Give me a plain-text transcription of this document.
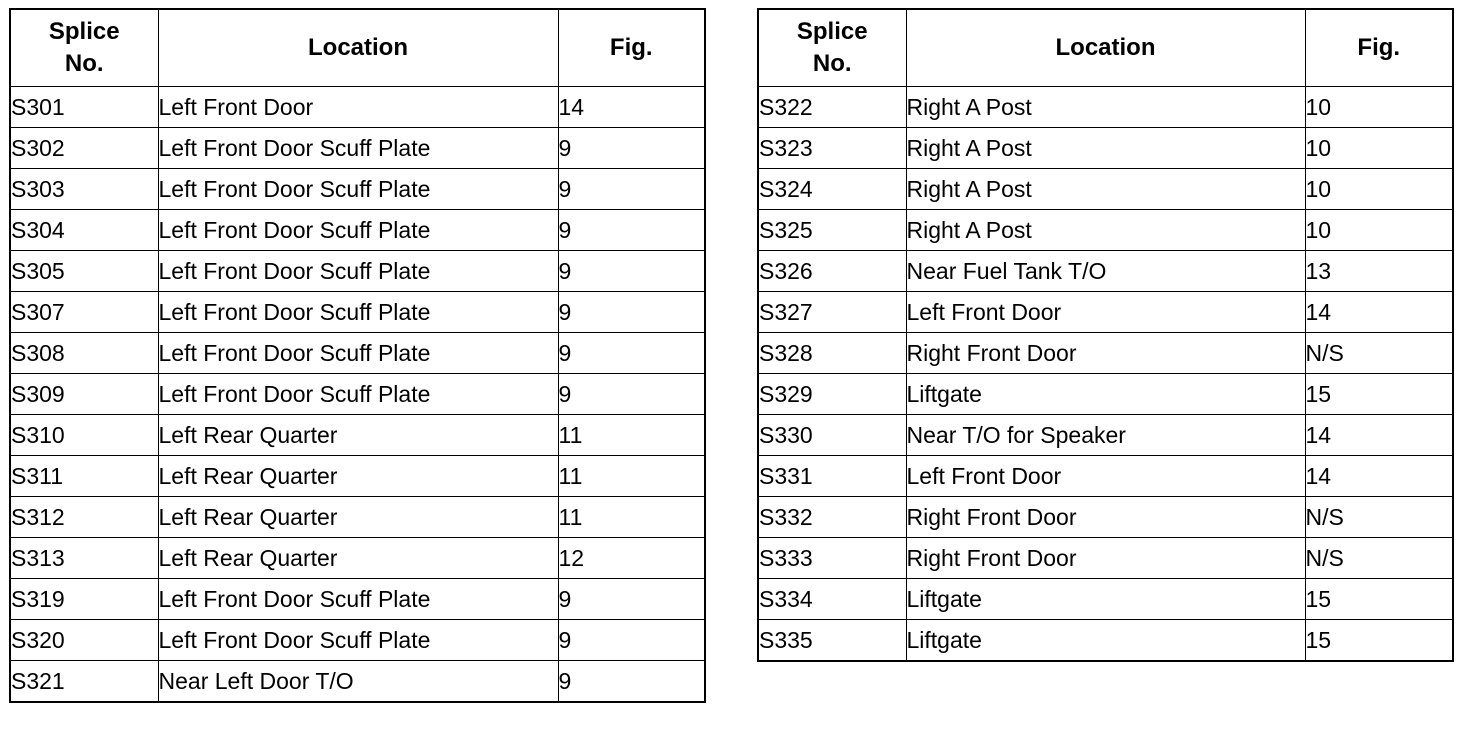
Splice
No.	Location	Fig.
S301	Left Front Door	14
S302	Left Front Door Scuff Plate	9
S303	Left Front Door Scuff Plate	9
S304	Left Front Door Scuff Plate	9
S305	Left Front Door Scuff Plate	9
S307	Left Front Door Scuff Plate	9
S308	Left Front Door Scuff Plate	9
S309	Left Front Door Scuff Plate	9
S310	Left Rear Quarter	11
S311	Left Rear Quarter	11
S312	Left Rear Quarter	11
S313	Left Rear Quarter	12
S319	Left Front Door Scuff Plate	9
S320	Left Front Door Scuff Plate	9
S321	Near Left Door T/O	9
Splice
No.	Location	Fig.
S322	Right A Post	10
S323	Right A Post	10
S324	Right A Post	10
S325	Right A Post	10
S326	Near Fuel Tank T/O	13
S327	Left Front Door	14
S328	Right Front Door	N/S
S329	Liftgate	15
S330	Near T/O for Speaker	14
S331	Left Front Door	14
S332	Right Front Door	N/S
S333	Right Front Door	N/S
S334	Liftgate	15
S335	Liftgate	15
